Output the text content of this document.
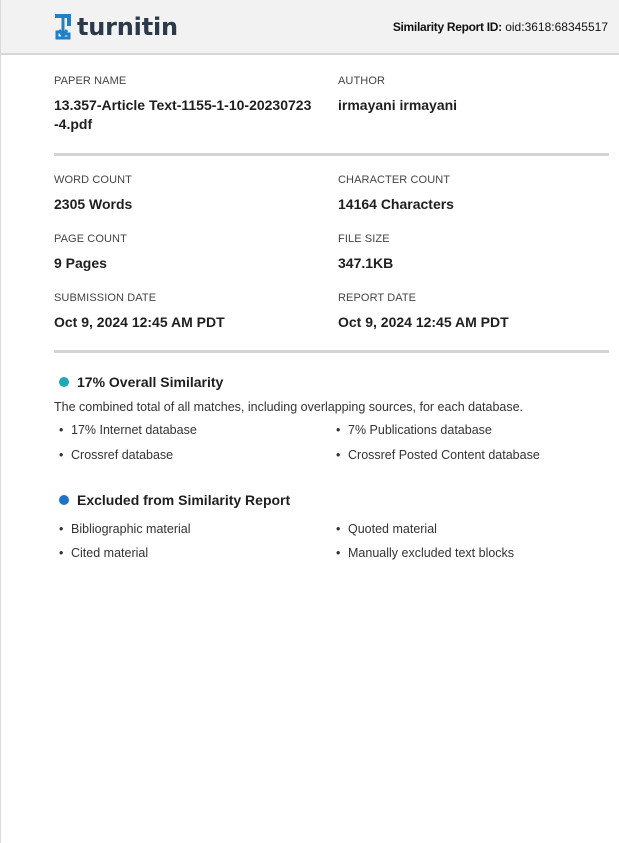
turnitin	Similarity Report ID: oid:3618:68345517
PAPER NAME
13.357-Article Text-1155-1-10-20230723
-4.pdf
AUTHOR
irmayani irmayani
WORD COUNT
2305 Words
CHARACTER COUNT
14164 Characters
PAGE COUNT
9 Pages
FILE SIZE
347.1KB
SUBMISSION DATE
Oct 9, 2024 12:45 AM PDT
REPORT DATE
Oct 9, 2024 12:45 AM PDT
17% Overall Similarity
The combined total of all matches, including overlapping sources, for each database.
• 17% Internet database	• 7% Publications database
• Crossref database	• Crossref Posted Content database
Excluded from Similarity Report
• Bibliographic material	• Quoted material
• Cited material	• Manually excluded text blocks
